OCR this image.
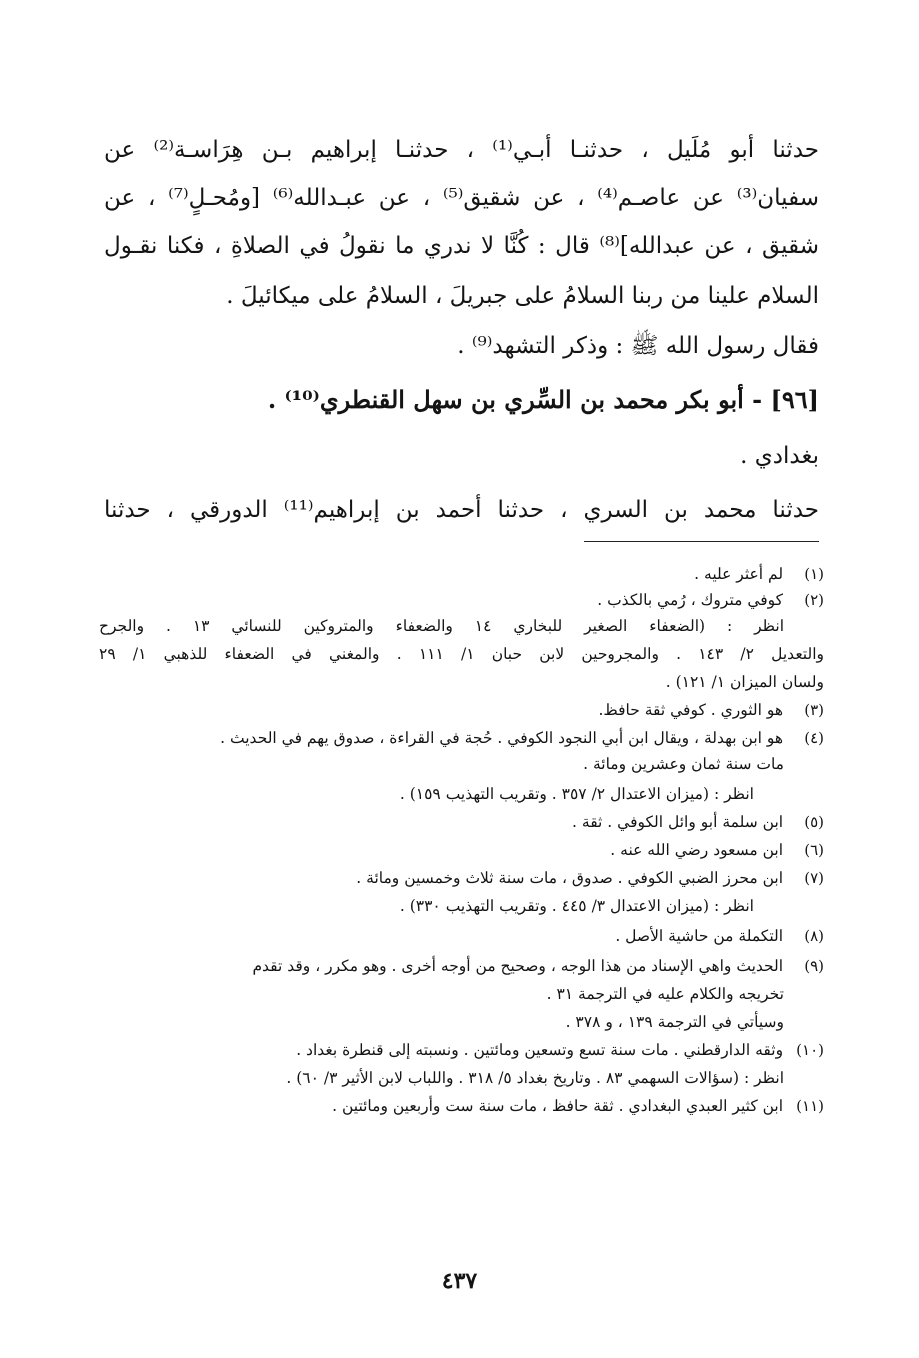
حدثنا أبو مُلَيل ، حدثنـا أبـي⁽¹⁾ ، حدثنـا إبراهيم بـن هِرَاسـة⁽²⁾ عن
سفيان⁽³⁾ عن عاصـم⁽⁴⁾ ، عن شقيق⁽⁵⁾ ، عن عبـدالله⁽⁶⁾ [ومُحـلٍ⁽⁷⁾ ، عن
شقيق ، عن عبدالله]⁽⁸⁾ قال : كُنَّا لا ندري ما نقولُ في الصلاةِ ، فكنا نقـول
السلام علينا من ربنا السلامُ على جبريلَ ، السلامُ على ميكائيلَ .
فقال رسول الله ﷺ : وذكر التشهد⁽⁹⁾ .
[٩٦] - أبو بكر محمد بن السِّري بن سهل القنطري⁽¹⁰⁾ .
بغدادي .
حدثنا محمد بن السري ، حدثنا أحمد بن إبراهيم⁽¹¹⁾ الدورقي ، حدثنا
(١) لم أعثر عليه .
(٢) كوفي متروك ، رُمي بالكذب .
انظر : (الضعفاء الصغير للبخاري ١٤ والضعفاء والمتروكين للنسائي ١٣ . والجرح
والتعديل ٢/ ١٤٣ . والمجروحين لابن حبان ١/ ١١١ . والمغني في الضعفاء للذهبي ١/ ٢٩
ولسان الميزان ١/ ١٢١) .
(٣) هو الثوري . كوفي ثقة حافظ.
(٤) هو ابن بهدلة ، ويقال ابن أبي النجود الكوفي . حُجة في القراءة ، صدوق يهم في الحديث .
مات سنة ثمان وعشرين ومائة .
انظر : (ميزان الاعتدال ٢/ ٣٥٧ . وتقريب التهذيب ١٥٩) .
(٥) ابن سلمة أبو وائل الكوفي . ثقة .
(٦) ابن مسعود رضي الله عنه .
(٧) ابن محرز الضبي الكوفي . صدوق ، مات سنة ثلاث وخمسين ومائة .
انظر : (ميزان الاعتدال ٣/ ٤٤٥ . وتقريب التهذيب ٣٣٠) .
(٨) التكملة من حاشية الأصل .
(٩) الحديث واهي الإسناد من هذا الوجه ، وصحيح من أوجه أخرى . وهو مكرر ، وقد تقدم
تخريجه والكلام عليه في الترجمة ٣١ .
وسيأتي في الترجمة ١٣٩ ، و ٣٧٨ .
(١٠) وثقه الدارقطني . مات سنة تسع وتسعين ومائتين . ونسبته إلى قنطرة بغداد .
انظر : (سؤالات السهمي ٨٣ . وتاريخ بغداد ٥/ ٣١٨ . واللباب لابن الأثير ٣/ ٦٠) .
(١١) ابن كثير العبدي البغدادي . ثقة حافظ ، مات سنة ست وأربعين ومائتين .
٤٣٧
